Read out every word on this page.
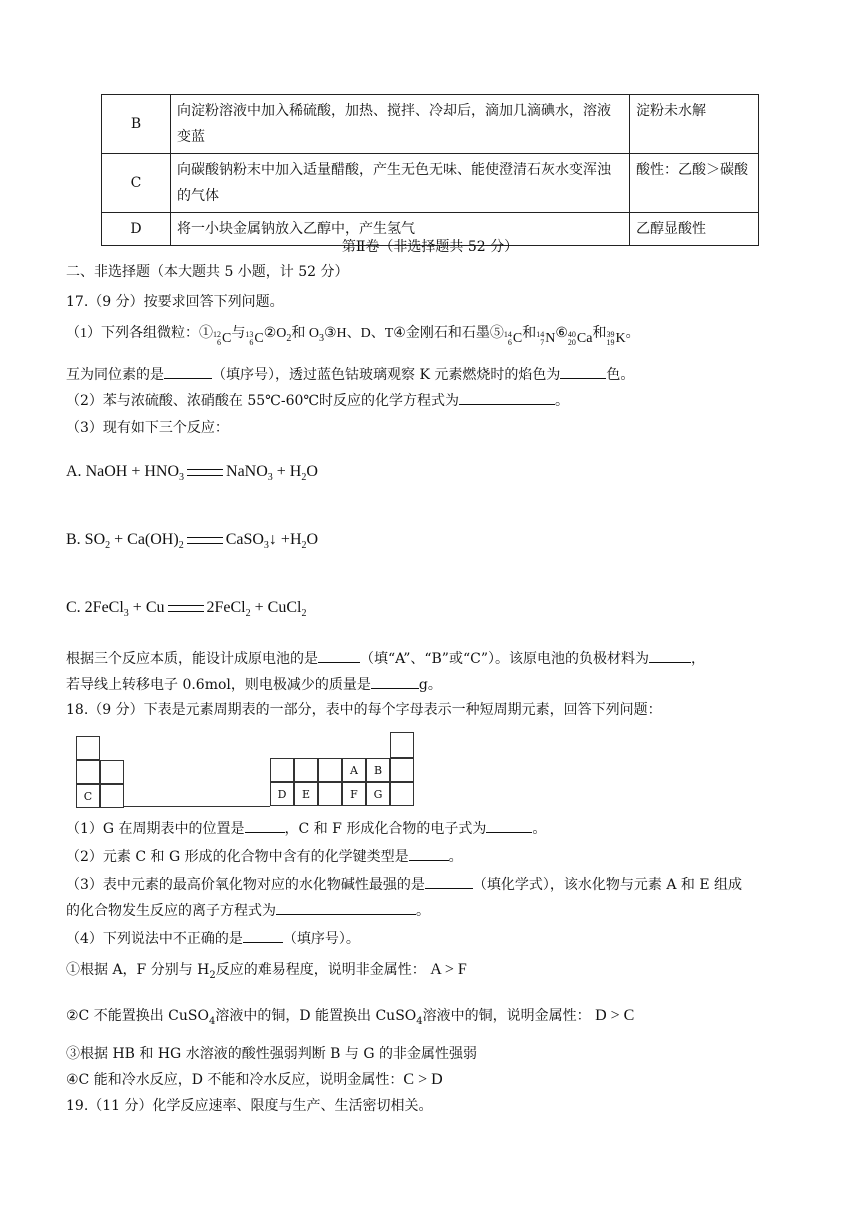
B	向淀粉溶液中加入稀硫酸，加热、搅拌、冷却后，滴加几滴碘水，溶液变蓝	淀粉未水解
C	向碳酸钠粉末中加入适量醋酸，产生无色无味、能使澄清石灰水变浑浊的气体	酸性：乙酸＞碳酸
D	将一小块金属钠放入乙醇中，产生氢气	乙醇显酸性
第Ⅱ卷（非选择题共 52 分）
二、非选择题（本大题共 5 小题，计 52 分）
17.（9 分）按要求回答下列问题。
（1）下列各组微粒：① 12
6 C与 13
6 $C②O_2$和 $O_3③H$、D、T④金刚石和石墨⑤ 14
6 C和 14
7 N⑥ 40
20 Ca和 39
19 K。
互为同位素的是	（填序号），透过蓝色钴玻璃观察 K 元素燃烧时的焰色为	色。
（2）苯与浓硫酸、浓硝酸在 55℃-60℃时反应的化学方程式为	。
（3）现有如下三个反应：
A. NaOH + $HNO_3$	NaNO$_3$ + $H_2O$
B. $SO_2 + Ca(OH)_2$	CaSO$_3$↓ $+H_2O$
C. 2FeCl$_3$ + Cu	2FeCl$_2$ + CuCl$_2$
根据三个反应本质，能设计成原电池的是	（填“A”、“B”或“C”）。该原电池的负极材料为	，
若导线上转移电子 0.6mol，则电极减少的质量是	g。
18.（9 分）下表是元素周期表的一部分，表中的每个字母表示一种短周期元素，回答下列问题：
C
A	B
D	E	F	G
（1）G 在周期表中的位置是	，C 和 F 形成化合物的电子式为	。
（2）元素 C 和 G 形成的化合物中含有的化学键类型是	。
（3）表中元素的最高价氧化物对应的水化物碱性最强的是	（填化学式），该水化物与元素 A 和 E 组成
的化合物发生反应的离子方程式为	。
（4）下列说法中不正确的是	（填序号）。
①根据 A，F 分别与 $H_2$反应的难易程度，说明非金属性： A > F
②C 不能置换出 CuSO$_4$溶液中的铜，D 能置换出 CuSO$_4$溶液中的铜，说明金属性： D > C
③根据 HB 和 HG 水溶液的酸性强弱判断 B 与 G 的非金属性强弱
④C 能和冷水反应，D 不能和冷水反应，说明金属性：C > D
19.（11 分）化学反应速率、限度与生产、生活密切相关。
